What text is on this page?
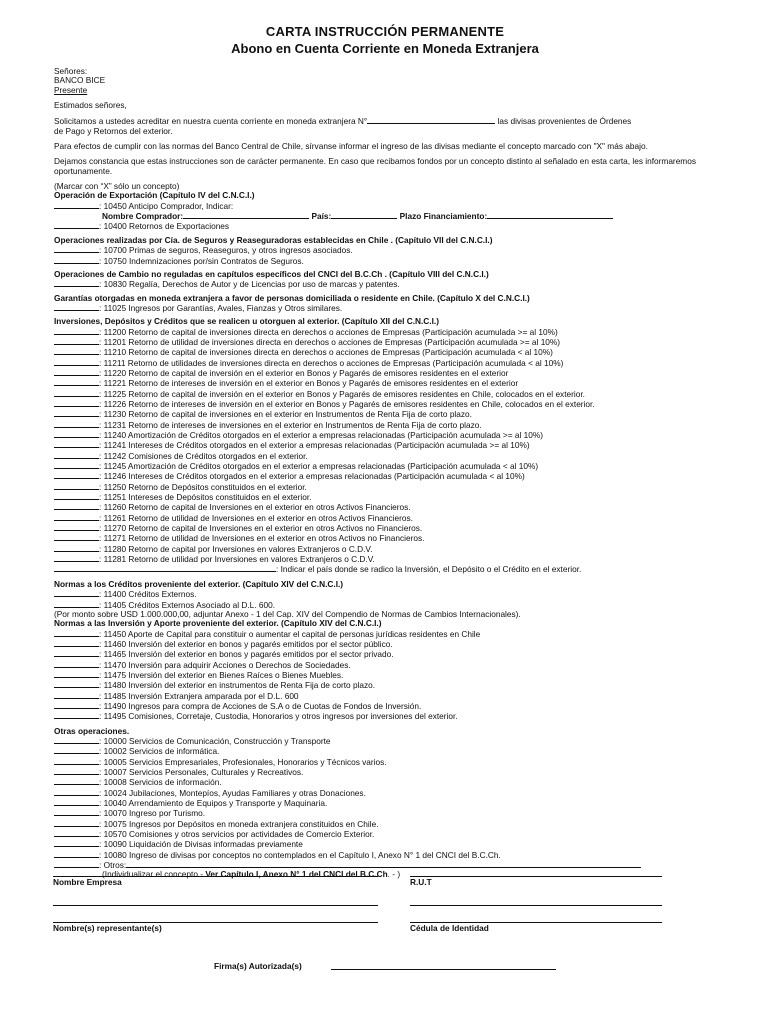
CARTA INSTRUCCIÓN PERMANENTE
Abono en Cuenta Corriente en Moneda Extranjera
Señores:
BANCO BICE
Presente
Estimados señores,
Solicitamos a ustedes acreditar en nuestra cuenta corriente en moneda extranjera N°	las divisas provenientes de Órdenes
de Pago y Retornos del exterior.
Para efectos de cumplir con las normas del Banco Central de Chile, sírvanse informar el ingreso de las divisas mediante el concepto marcado con "X" más abajo.
Dejamos constancia que estas instrucciones son de carácter permanente. En caso que recibamos fondos por un concepto distinto al señalado en esta carta, les informaremos oportunamente.
(Marcar con “X” sólo un concepto)
Operación de Exportación (Capítulo IV del C.N.C.I.)
: 10450 Anticipo Comprador, Indicar:
Nombre Comprador:	País:	Plazo Financiamiento:
: 10400 Retornos de Exportaciones
Operaciones realizadas por Cía. de Seguros y Reaseguradoras establecidas en Chile . (Capítulo VII del C.N.C.I.)
: 10700 Primas de seguros, Reaseguros, y otros ingresos asociados.
: 10750 Indemnizaciones por/sin Contratos de Seguros.
Operaciones de Cambio no reguladas en capítulos específicos del CNCI del B.C.Ch . (Capítulo VIII del C.N.C.I.)
: 10830 Regalía, Derechos de Autor y de Licencias por uso de marcas y patentes.
Garantías otorgadas en moneda extranjera a favor de personas domiciliada o residente en Chile. (Capítulo X del C.N.C.I.)
: 11025 Ingresos por Garantías, Avales, Fianzas y Otros similares.
Inversiones, Depósitos y Créditos que se realicen u otorguen al exterior. (Capítulo XII del C.N.C.I.)
: 11200 Retorno de capital de inversiones directa en derechos o acciones de Empresas (Participación acumulada >= al 10%)
: 11201 Retorno de utilidad de inversiones directa en derechos o acciones de Empresas (Participación acumulada >= al 10%)
: 11210 Retorno de capital de inversiones directa en derechos o acciones de Empresas (Participación acumulada < al 10%)
: 11211 Retorno de utilidades de inversiones directa en derechos o acciones de Empresas (Participación acumulada < al 10%)
: 11220 Retorno de capital de inversión en el exterior en Bonos y Pagarés de emisores residentes en el exterior
: 11221 Retorno de intereses de inversión en el exterior en Bonos y Pagarés de emisores residentes en el exterior
: 11225 Retorno de capital de inversión en el exterior en Bonos y Pagarés de emisores residentes en Chile, colocados en el exterior.
: 11226 Retorno de intereses de inversión en el exterior en Bonos y Pagarés de emisores residentes en Chile, colocados en el exterior.
: 11230 Retorno de capital de inversiones en el exterior en Instrumentos de Renta Fija de corto plazo.
: 11231 Retorno de intereses de inversiones en el exterior en Instrumentos de Renta Fija de corto plazo.
: 11240 Amortización de Créditos otorgados en el exterior a empresas relacionadas (Participación acumulada >= al 10%)
: 11241 Intereses de Créditos otorgados en el exterior a empresas relacionadas (Participación acumulada >= al 10%)
: 11242 Comisiones de Créditos otorgados en el exterior.
: 11245 Amortización de Créditos otorgados en el exterior a empresas relacionadas (Participación acumulada < al 10%)
: 11246 Intereses de Créditos otorgados en el exterior a empresas relacionadas (Participación acumulada < al 10%)
: 11250 Retorno de Depósitos constituidos en el exterior.
: 11251 Intereses de Depósitos constituidos en el exterior.
: 11260 Retorno de capital de Inversiones en el exterior en otros Activos Financieros.
: 11261 Retorno de utilidad de Inversiones en el exterior en otros Activos Financieros.
: 11270 Retorno de capital de Inversiones en el exterior en otros Activos no Financieros.
: 11271 Retorno de utilidad de Inversiones en el exterior en otros Activos no Financieros.
: 11280 Retorno de capital por Inversiones en valores Extranjeros o C.D.V.
: 11281 Retorno de utilidad por Inversiones en valores Extranjeros o C.D.V.
: Indicar el país donde se radico la Inversión, el Depósito o el Crédito en el exterior.
Normas a los Créditos proveniente del exterior. (Capítulo XIV del C.N.C.I.)
: 11400 Créditos Externos.
: 11405 Créditos Externos Asociado al D.L. 600.
(Por monto sobre USD 1.000.000,00, adjuntar Anexo - 1 del Cap. XIV del Compendio de Normas de Cambios Internacionales).
Normas a las Inversión y Aporte proveniente del exterior. (Capítulo XIV del C.N.C.I.)
: 11450 Aporte de Capital para constituir o aumentar el capital de personas jurídicas residentes en Chile
: 11460 Inversión del exterior en bonos y pagarés emitidos por el sector público.
: 11465 Inversión del exterior en bonos y pagarés emitidos por el sector privado.
: 11470 Inversión para adquirir Acciones o Derechos de Sociedades.
: 11475 Inversión del exterior en Bienes Raíces o Bienes Muebles.
: 11480 Inversión del exterior en instrumentos de Renta Fija de corto plazo.
: 11485 Inversión Extranjera amparada por el D.L. 600
: 11490 Ingresos para compra de Acciones de S.A o de Cuotas de Fondos de Inversión.
: 11495 Comisiones, Corretaje, Custodia, Honorarios y otros ingresos por inversiones del exterior.
Otras operaciones.
: 10000 Servicios de Comunicación, Construcción y Transporte
: 10002 Servicios de informática.
: 10005 Servicios Empresariales, Profesionales, Honorarios y Técnicos varios.
: 10007 Servicios Personales, Culturales y Recreativos.
: 10008 Servicios de información.
: 10024 Jubilaciones, Montepíos, Ayudas Familiares y otras Donaciones.
: 10040 Arrendamiento de Equipos y Transporte y Maquinaria.
: 10070 Ingreso por Turismo.
: 10075 Ingresos por Depósitos en moneda extranjera constituidos en Chile.
: 10570 Comisiones y otros servicios por actividades de Comercio Exterior.
: 10090 Liquidación de Divisas informadas previamente
: 10080 Ingreso de divisas por conceptos no contemplados en el Capítulo I, Anexo N° 1 del CNCI del B.C.Ch.
: Otros:
(Individualizar el concepto - Ver Capítulo I, Anexo N° 1 del CNCI del B.C.Ch. - )
Nombre Empresa	R.U.T
Nombre(s) representante(s)	Cédula de Identidad
Firma(s) Autorizada(s)
